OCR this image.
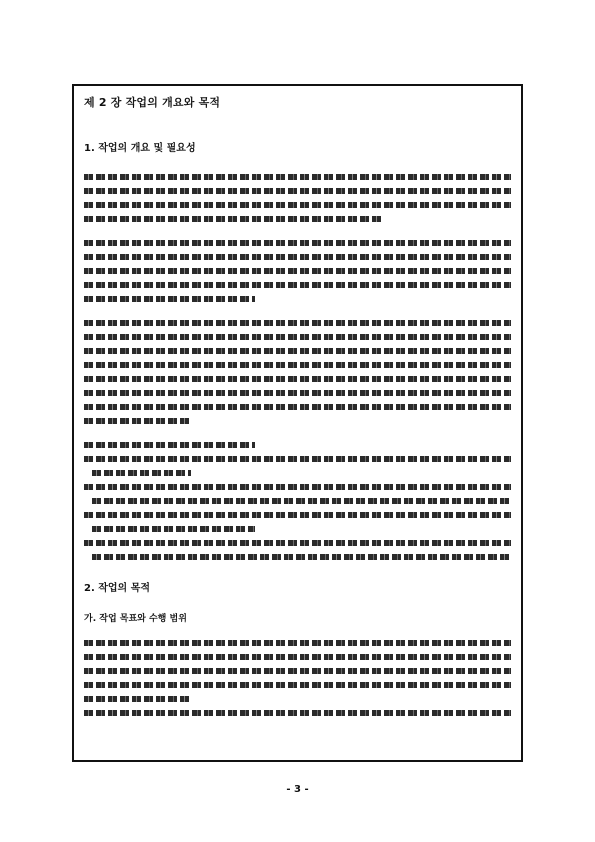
제 2 장 작업의 개요와 목적
1. 작업의 개요 및 필요성
2. 작업의 목적
가. 작업 목표와 수행 범위
- 3 -
